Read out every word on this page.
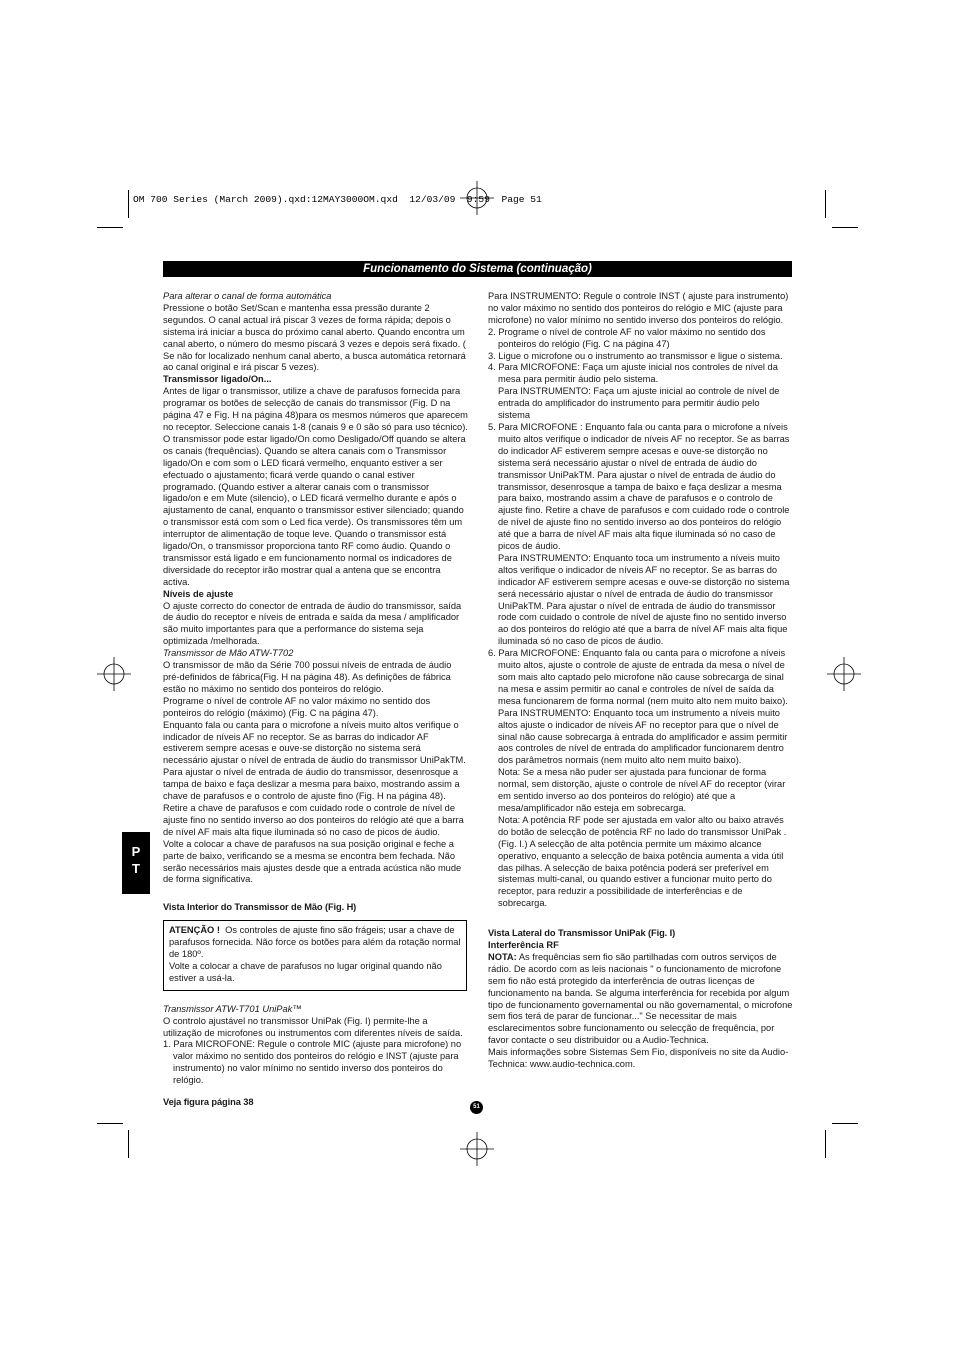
OM 700 Series (March 2009).qxd:12MAY3000OM.qxd  12/03/09  9:59  Page 51
Funcionamento do Sistema (continuação)
P
T

Para alterar o canal de forma automática

Pressione o botão Set/Scan e mantenha essa pressão durante 2 segundos. O canal actual irá piscar 3 vezes de forma rápida; depois o sistema irá iniciar a busca do próximo canal aberto. Quando encontra um canal aberto, o número do mesmo piscará 3 vezes e depois será fixado. ( Se não for localizado nenhum canal aberto, a busca automática retornará ao canal original e irá piscar 5 vezes).

Transmissor ligado/On...

Antes de ligar o transmissor, utilize a chave de parafusos fornecida para programar os botões de selecção de canais do transmissor (Fig. D na página 47 e Fig. H na página 48)para os mesmos números que aparecem no receptor. Seleccione canais 1-8 (canais 9 e 0 são só para uso técnico). O transmissor pode estar ligado/On como Desligado/Off quando se altera os canais (frequências). Quando se altera canais com o Transmissor ligado/On e com som o LED ficará vermelho, enquanto estiver a ser efectuado o ajustamento; ficará verde quando o canal estiver programado. (Quando estiver a alterar canais com o transmissor ligado/on e em Mute (silencio), o LED ficará vermelho durante e após o ajustamento de canal, enquanto o transmissor estiver silenciado; quando o transmissor está com som o Led fica verde). Os transmissores têm um interruptor de alimentação de toque leve. Quando o transmissor está ligado/On, o transmissor proporciona tanto RF como áudio. Quando o transmissor está ligado e em funcionamento normal os indicadores de diversidade do receptor irão mostrar qual a antena que se encontra activa.

Níveis de ajuste

O ajuste correcto do conector de entrada de áudio do transmissor, saída de áudio do receptor e níveis de entrada e saída da mesa / amplificador são muito importantes para que a performance do sistema seja optimizada /melhorada.

Transmissor de Mão ATW-T702

O transmissor de mão da Série 700 possui níveis de entrada de áudio pré-definidos de fábrica(Fig. H na página 48). As definições de fábrica estão no máximo no sentido dos ponteiros do relógio.

Programe o nível de controle AF no valor máximo no sentido dos ponteiros do relógio (máximo) (Fig. C na página 47).

Enquanto fala ou canta para o microfone a níveis muito altos verifique o indicador de níveis AF no receptor. Se as barras do indicador AF estiverem sempre acesas e ouve-se distorção no sistema será necessário ajustar o nível de entrada de áudio do transmissor UniPakTM. Para ajustar o nível de entrada de áudio do transmissor, desenrosque a tampa de baixo e faça deslizar a mesma para baixo, mostrando assim a chave de parafusos e o controlo de ajuste fino (Fig. H na página 48). Retire a chave de parafusos e com cuidado rode o controle de nível de ajuste fino no sentido inverso ao dos ponteiros do relógio até que a barra de nível AF mais alta fique iluminada só no caso de picos de áudio.

Volte a colocar a chave de parafusos na sua posição original e feche a parte de baixo, verificando se a mesma se encontra bem fechada. Não serão necessários mais ajustes desde que a entrada acústica não mude de forma significativa.

Vista Interior do Transmissor de Mão (Fig. H)

ATENÇÃO ! Os controles de ajuste fino são frágeis; usar a chave de parafusos fornecida. Não force os botões para além da rotação normal de 180º.

Volte a colocar a chave de parafusos no lugar original quando não estiver a usá-la.

Transmissor ATW-T701 UniPak™

O controlo ajustável no transmissor UniPak (Fig. I) permite-lhe a utilização de microfones ou instrumentos com diferentes níveis de saída.

1. Para MICROFONE: Regule o controle MIC (ajuste para microfone) no valor máximo no sentido dos ponteiros do relógio e INST (ajuste para instrumento) no valor mínimo no sentido inverso dos ponteiros do relógio.

Veja figura página 38

Para INSTRUMENTO: Regule o controle INST ( ajuste para instrumento) no valor máximo no sentido dos ponteiros do relógio e MIC (ajuste para microfone) no valor mínimo no sentido inverso dos ponteiros do relógio.

2. Programe o nível de controle AF no valor máximo no sentido dos ponteiros do relógio (Fig. C na página 47)

3. Ligue o microfone ou o instrumento ao transmissor e ligue o sistema.

4. Para MICROFONE: Faça um ajuste inicial nos controles de nível da mesa para permitir áudio pelo sistema.

Para INSTRUMENTO: Faça um ajuste inicial ao controle de nível de entrada do amplificador do instrumento para permitir áudio pelo sistema

5. Para MICROFONE : Enquanto fala ou canta para o microfone a níveis muito altos verifique o indicador de níveis AF no receptor. Se as barras do indicador AF estiverem sempre acesas e ouve-se distorção no sistema será necessário ajustar o nível de entrada de áudio do transmissor UniPakTM. Para ajustar o nível de entrada de áudio do transmissor, desenrosque a tampa de baixo e faça deslizar a mesma para baixo, mostrando assim a chave de parafusos e o controlo de ajuste fino. Retire a chave de parafusos e com cuidado rode o controle de nível de ajuste fino no sentido inverso ao dos ponteiros do relógio até que a barra de nível AF mais alta fique iluminada só no caso de picos de áudio.

Para INSTRUMENTO: Enquanto toca um instrumento a níveis muito altos verifique o indicador de níveis AF no receptor. Se as barras do indicador AF estiverem sempre acesas e ouve-se distorção no sistema será necessário ajustar o nível de entrada de áudio do transmissor UniPakTM. Para ajustar o nível de entrada de áudio do transmissor rode com cuidado o controle de nível de ajuste fino no sentido inverso ao dos ponteiros do relógio até que a barra de nível AF mais alta fique iluminada só no caso de picos de áudio.

6. Para MICROFONE: Enquanto fala ou canta para o microfone a níveis muito altos, ajuste o controle de ajuste de entrada da mesa o nível de som mais alto captado pelo microfone não cause sobrecarga de sinal na mesa e assim permitir ao canal e controles de nível de saída da mesa funcionarem de forma normal (nem muito alto nem muito baixo).

Para INSTRUMENTO: Enquanto toca um instrumento a níveis muito altos ajuste o indicador de níveis AF no receptor para que o nível de sinal não cause sobrecarga à entrada do amplificador e assim permitir aos controles de nível de entrada do amplificador funcionarem dentro dos parâmetros normais (nem muito alto nem muito baixo).

Nota: Se a mesa não puder ser ajustada para funcionar de forma normal, sem distorção, ajuste o controle de nível AF do receptor (virar em sentido inverso ao dos ponteiros do relógio) até que a mesa/amplificador não esteja em sobrecarga.

Nota: A potência RF pode ser ajustada em valor alto ou baixo através do botão de selecção de potência RF no lado do transmissor UniPak . (Fig. I.) A selecção de alta potência permite um máximo alcance operativo, enquanto a selecção de baixa potência aumenta a vida útil das pilhas. A selecção de baixa potência poderá ser preferível em sistemas multi-canal, ou quando estiver a funcionar muito perto do receptor, para reduzir a possibilidade de interferências e de sobrecarga.

Vista Lateral do Transmissor UniPak (Fig. I)

Interferência RF

NOTA: As frequências sem fio são partilhadas com outros serviços de rádio. De acordo com as leis nacionais " o funcionamento de microfone sem fio não está protegido da interferência de outras licenças de funcionamento na banda. Se alguma interferência for recebida por algum tipo de funcionamento governamental ou não governamental, o microfone sem fios terá de parar de funcionar..." Se necessitar de mais esclarecimentos sobre funcionamento ou selecção de frequência, por favor contacte o seu distribuidor ou a Audio-Technica.

Mais informações sobre Sistemas Sem Fio, disponíveis no site da Audio-Technica: www.audio-technica.com.

51
